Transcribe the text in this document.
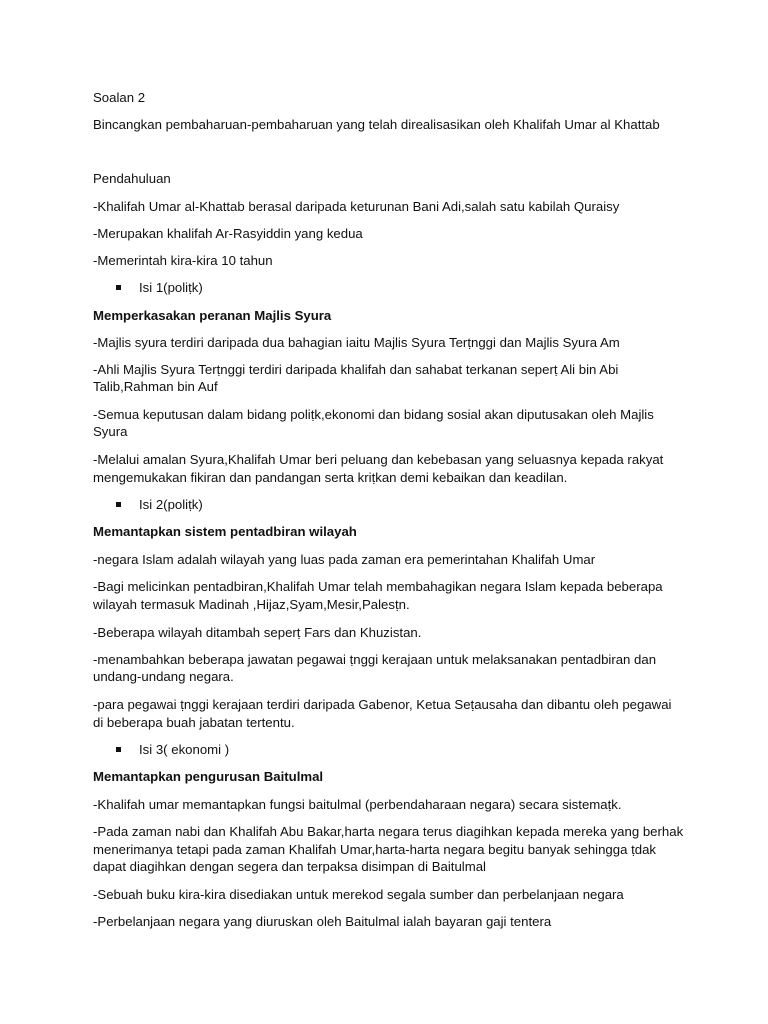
Soalan 2

Bincangkan pembaharuan-pembaharuan yang telah direalisasikan oleh Khalifah Umar al Khattab

Pendahuluan

-Khalifah Umar al-Khattab berasal daripada keturunan Bani Adi,salah satu kabilah Quraisy

-Merupakan khalifah Ar-Rasyiddin yang kedua

-Memerintah kira-kira 10 tahun

Isi 1(poliṭk)

Memperkasakan peranan Majlis Syura

-Majlis syura terdiri daripada dua bahagian iaitu Majlis Syura Terṭnggi dan Majlis Syura Am

-Ahli Majlis Syura Terṭnggi terdiri daripada khalifah dan sahabat terkanan seperṭ Ali bin Abi

Talib,Rahman bin Auf

-Semua keputusan dalam bidang poliṭk,ekonomi dan bidang sosial akan diputusakan oleh Majlis

Syura

-Melalui amalan Syura,Khalifah Umar beri peluang dan kebebasan yang seluasnya kepada rakyat

mengemukakan fikiran dan pandangan serta kriṭkan demi kebaikan dan keadilan.

Isi 2(poliṭk)

Memantapkan sistem pentadbiran wilayah

-negara Islam adalah wilayah yang luas pada zaman era pemerintahan Khalifah Umar

-Bagi melicinkan pentadbiran,Khalifah Umar telah membahagikan negara Islam kepada beberapa

wilayah termasuk Madinah ,Hijaz,Syam,Mesir,Palesṭn.

-Beberapa wilayah ditambah seperṭ Fars dan Khuzistan.

-menambahkan beberapa jawatan pegawai ṭnggi kerajaan untuk melaksanakan pentadbiran dan

undang-undang negara.

-para pegawai ṭnggi kerajaan terdiri daripada Gabenor, Ketua Seṭausaha dan dibantu oleh pegawai

di beberapa buah jabatan tertentu.

Isi 3( ekonomi )

Memantapkan pengurusan Baitulmal

-Khalifah umar memantapkan fungsi baitulmal (perbendaharaan negara) secara sistemaṭk.

-Pada zaman nabi dan Khalifah Abu Bakar,harta negara terus diagihkan kepada mereka yang berhak

menerimanya tetapi pada zaman Khalifah Umar,harta-harta negara begitu banyak sehingga ṭdak

dapat diagihkan dengan segera dan terpaksa disimpan di Baitulmal

-Sebuah buku kira-kira disediakan untuk merekod segala sumber dan perbelanjaan negara

-Perbelanjaan negara yang diuruskan oleh Baitulmal ialah bayaran gaji tentera
